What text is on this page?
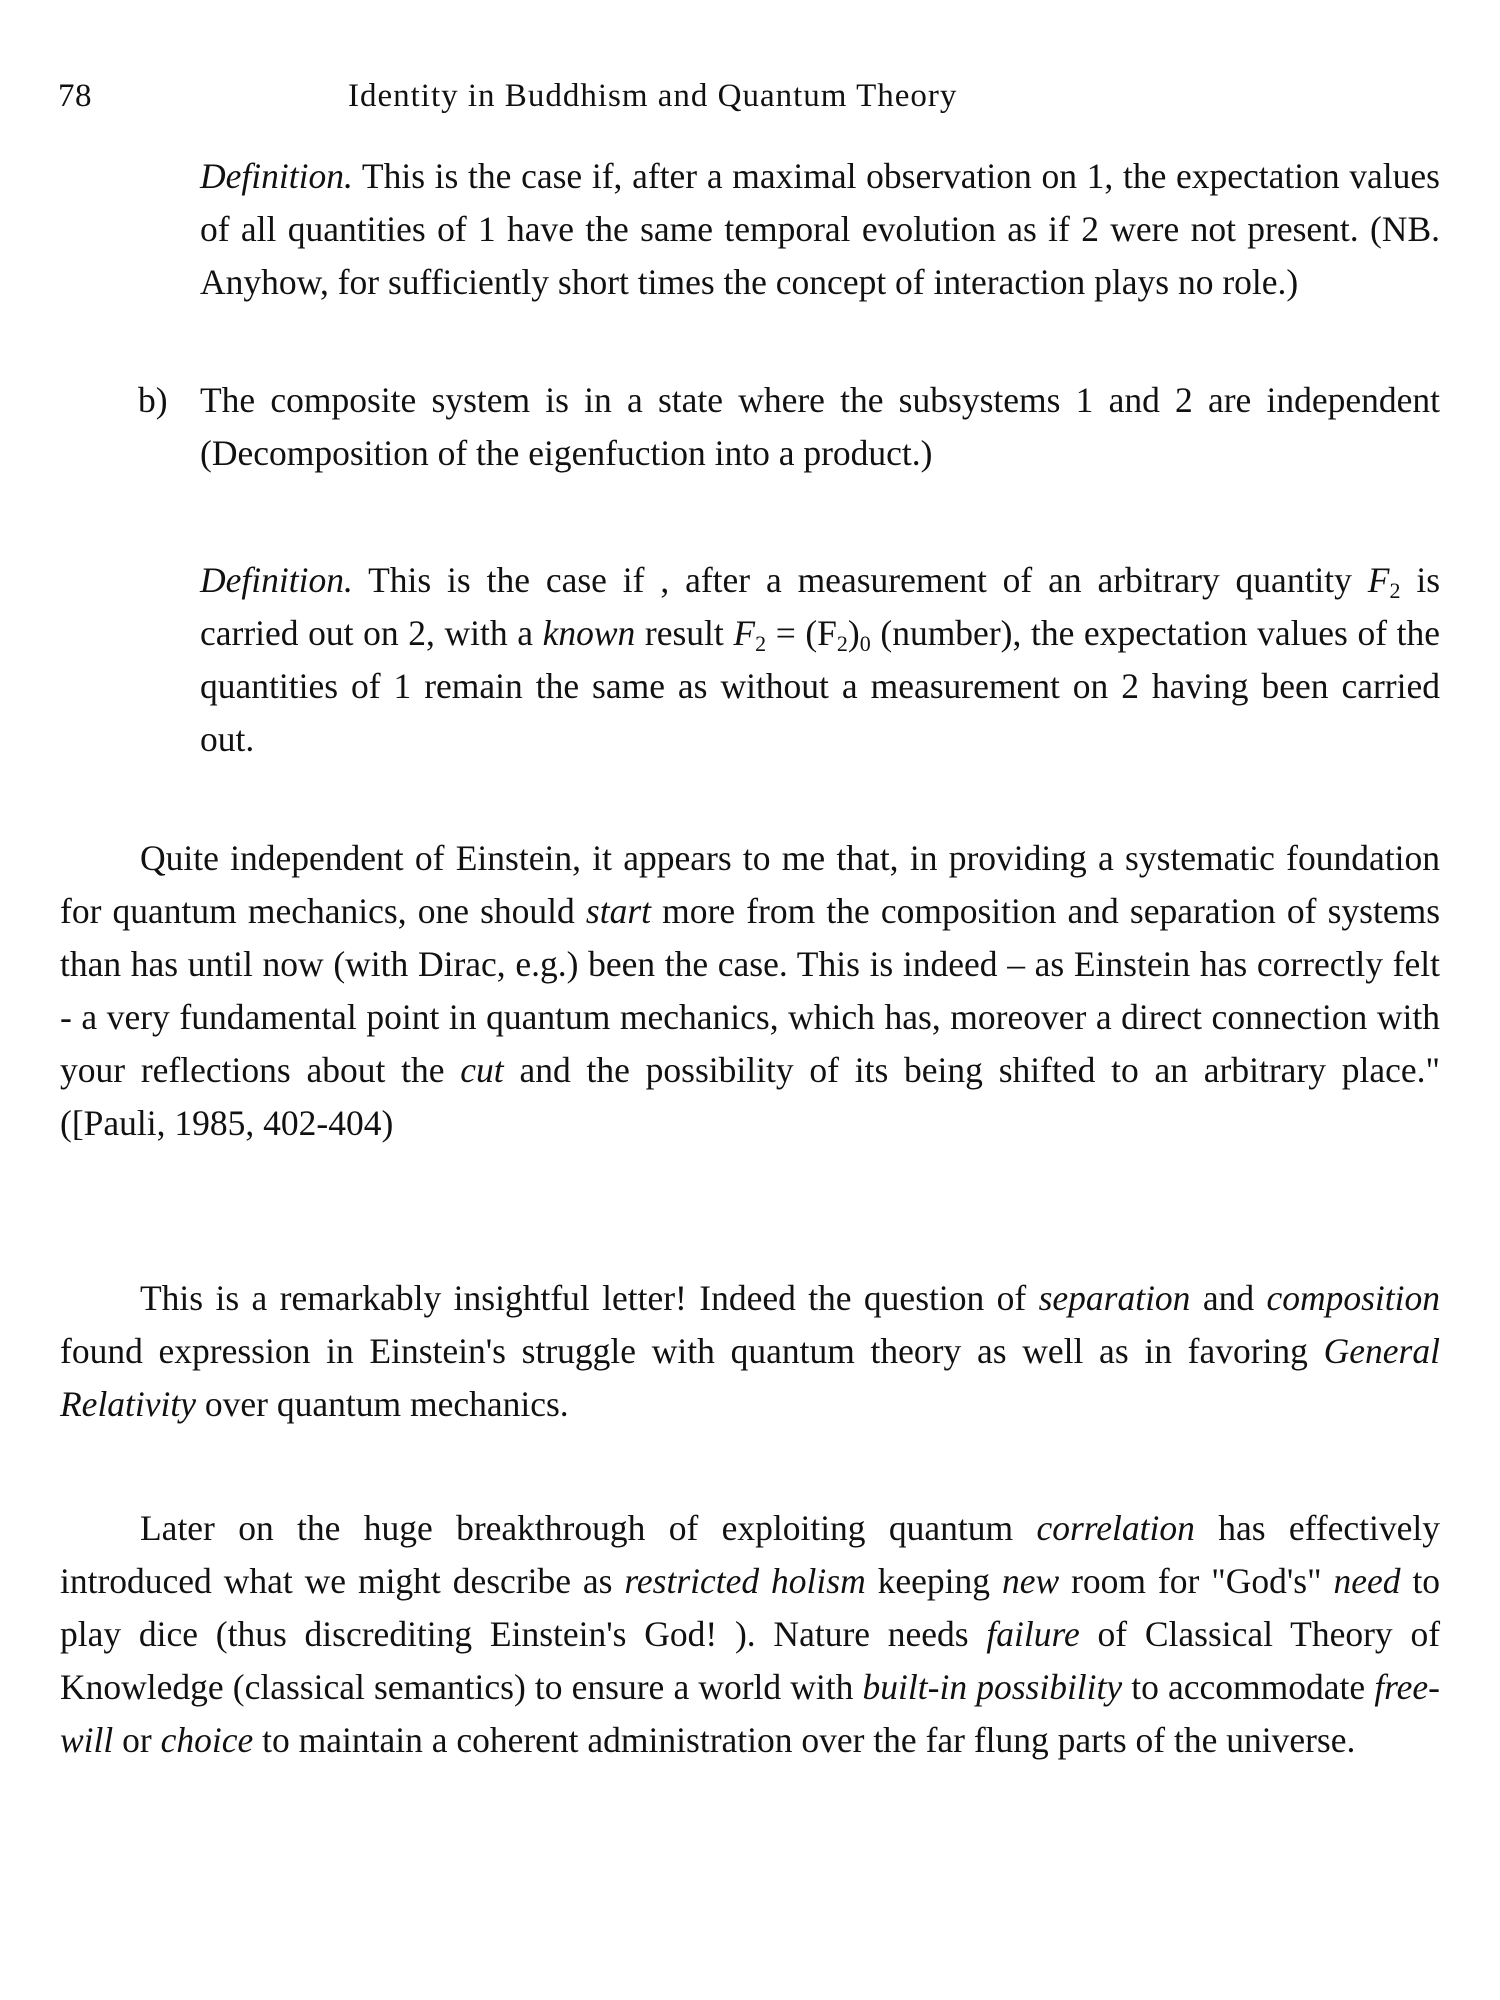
78	Identity in Buddhism and Quantum Theory

Definition. This is the case if, after a maximal observation on 1, the expectation values of all quantities of 1 have the same temporal evolution as if 2 were not present. (NB. Anyhow, for sufficiently short times the concept of interaction plays no role.)

b) The composite system is in a state where the subsystems 1 and 2 are independent (Decomposition of the eigenfuction into a product.)

Definition. This is the case if , after a measurement of an arbitrary quantity $F_2$ is carried out on 2, with a known result $F_2 = (F_2)_0$ (number), the expectation values of the quantities of 1 remain the same as without a measurement on 2 having been carried out.

Quite independent of Einstein, it appears to me that, in providing a systematic foundation for quantum mechanics, one should start more from the composition and separation of systems than has until now (with Dirac, e.g.) been the case. This is indeed – as Einstein has correctly felt - a very fundamental point in quantum mechanics, which has, moreover a direct connection with your reflections about the cut and the possibility of its being shifted to an arbitrary place." ([Pauli, 1985, 402-404)

This is a remarkably insightful letter! Indeed the question of separation and composition found expression in Einstein's struggle with quantum theory as well as in favoring General Relativity over quantum mechanics.

Later on the huge breakthrough of exploiting quantum correlation has effectively introduced what we might describe as restricted holism keeping new room for "God's" need to play dice (thus discrediting Einstein's God! ). Nature needs failure of Classical Theory of Knowledge (classical semantics) to ensure a world with built-in possibility to accommodate free-will or choice to maintain a coherent administration over the far flung parts of the universe.
